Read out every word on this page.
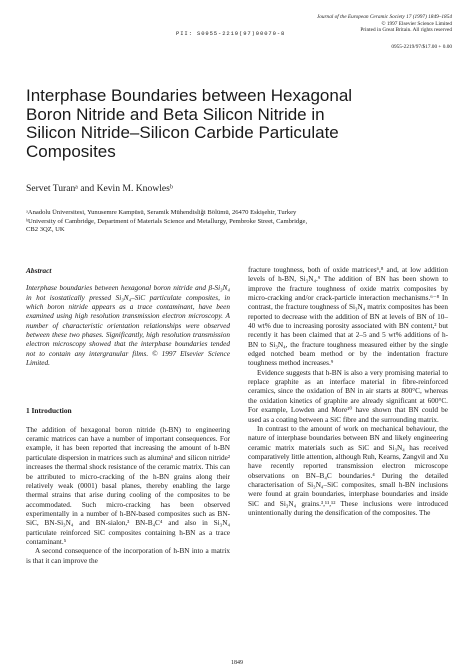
Journal of the European Ceramic Society 17 (1997) 1849–1854
© 1997 Elsevier Science Limited
Printed in Great Britain. All rights reserved
PII: S0955-2219(97)00070-8
0955-2219/97/$17.00 + 0.00
Interphase Boundaries between Hexagonal
Boron Nitride and Beta Silicon Nitride in
Silicon Nitride–Silicon Carbide Particulate
Composites
Servet Turanᵃ and Kevin M. Knowlesᵇ
ᵃAnadolu Üniversitesi, Yunusemre Kampüsü, Seramik Mühendisliği Bölümü, 26470 Eskişehir, Turkey
ᵇUniversity of Cambridge, Department of Materials Science and Metallurgy, Pembroke Street, Cambridge,
CB2 3QZ, UK

Abstract

Interphase boundaries between hexagonal boron nitride and β-Si₃N₄ in hot isostatically pressed Si₃N₄–SiC particulate composites, in which boron nitride appears as a trace contaminant, have been examined using high resolution transmission electron microscopy. A number of characteristic orientation relationships were observed between these two phases. Significantly, high resolution transmission electron microscopy showed that the interphase boundaries tended not to contain any intergranular films. © 1997 Elsevier Science Limited.

1 Introduction

The addition of hexagonal boron nitride (h-BN) to engineering ceramic matrices can have a number of important consequences. For example, it has been reported that increasing the amount of h-BN particulate dispersion in matrices such as alumina¹ and silicon nitride² increases the thermal shock resistance of the ceramic matrix. This can be attributed to micro-cracking of the h-BN grains along their relatively weak (0001) basal planes, thereby enabling the large thermal strains that arise during cooling of the composites to be accommodated. Such micro-cracking has been observed experimentally in a number of h-BN-based composites such as BN-SiC, BN-Si₃N₄ and BN-sialon,³ BN-B₄C⁴ and also in Si₃N₄ particulate reinforced SiC composites containing h-BN as a trace contaminant.⁵

A second consequence of the incorporation of h-BN into a matrix is that it can improve the

fracture toughness, both of oxide matrices⁶,⁸ and, at low addition levels of h-BN, Si₃N₄.⁹ The addition of BN has been shown to improve the fracture toughness of oxide matrix composites by micro-cracking and/or crack-particle interaction mechanisms.⁶⁻⁸ In contrast, the fracture toughness of Si₃N₄ matrix composites has been reported to decrease with the addition of BN at levels of BN of 10–40 wt% due to increasing porosity associated with BN content,² but recently it has been claimed that at 2–5 and 5 wt% additions of h-BN to Si₃N₄, the fracture toughness measured either by the single edged notched beam method or by the indentation fracture toughness method increases.⁹

Evidence suggests that h-BN is also a very promising material to replace graphite as an interface material in fibre-reinforced ceramics, since the oxidation of BN in air starts at 800°C, whereas the oxidation kinetics of graphite are already significant at 600°C. For example, Lowden and More¹⁰ have shown that BN could be used as a coating between a SiC fibre and the surrounding matrix.

In contrast to the amount of work on mechanical behaviour, the nature of interphase boundaries between BN and likely engineering ceramic matrix materials such as SiC and Si₃N₄ has received comparatively little attention, although Ruh, Kearns, Zangvil and Xu have recently reported transmission electron microscope observations on BN–B₄C boundaries.⁴ During the detailed characterisation of Si₃N₄–SiC composites, small h-BN inclusions were found at grain boundaries, interphase boundaries and inside SiC and Si₃N₄ grains.³,¹¹,¹² These inclusions were introduced unintentionally during the densification of the composites. The

1849
